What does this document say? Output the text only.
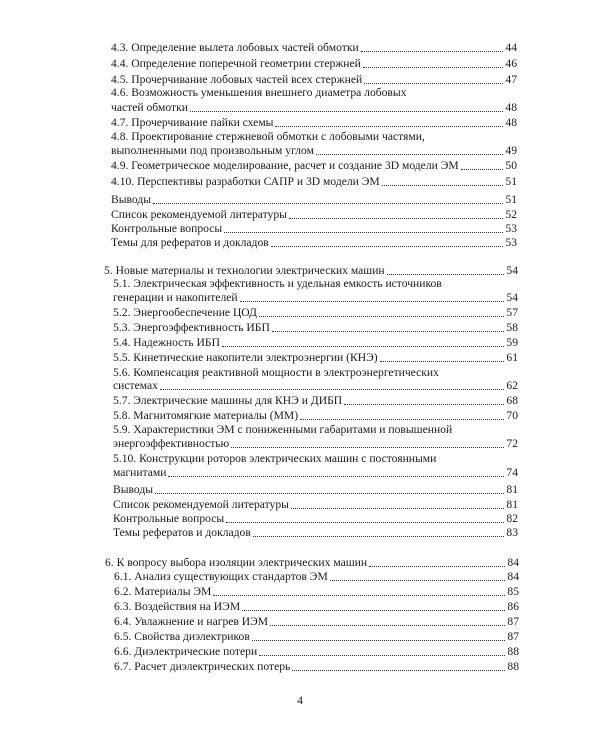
4.3. Определение вылета лобовых частей обмотки	44
4.4. Определение поперечной геометрии стержней	46
4.5. Прочерчивание лобовых частей всех стержней	47
4.6. Возможность уменьшения внешнего диаметра лобовых
частей обмотки	48
4.7. Прочерчивание пайки схемы	48
4.8. Проектирование стержневой обмотки с лобовыми частями,
выполненными под произвольным углом	49
4.9. Геометрическое моделирование, расчет и создание 3D модели ЭМ	50
4.10. Перспективы разработки САПР и 3D модели ЭМ	51
Выводы	51
Список рекомендуемой литературы	52
Контрольные вопросы	53
Темы для рефератов и докладов	53
5. Новые материалы и технологии электрических машин	54
5.1. Электрическая эффективность и удельная емкость источников
генерации и накопителей	54
5.2. Энергообеспечение ЦОД	57
5.3. Энергоэффективность ИБП	58
5.4. Надежность ИБП	59
5.5. Кинетические накопители электроэнергии (КНЭ)	61
5.6. Компенсация реактивной мощности в электроэнергетических
системах	62
5.7. Электрические машины для КНЭ и ДИБП	68
5.8. Магнитомягкие материалы (ММ)	70
5.9. Характеристики ЭМ с пониженными габаритами и повышенной
энергоэффективностью	72
5.10. Конструкции роторов электрических машин с постоянными
магнитами	74
Выводы	81
Список рекомендуемой литературы	81
Контрольные вопросы	82
Темы рефератов и докладов	83
6. К вопросу выбора изоляции электрических машин	84
6.1. Анализ существующих стандартов ЭМ	84
6.2. Материалы ЭМ	85
6.3. Воздействия на ИЭМ	86
6.4. Увлажнение и нагрев ИЭМ	87
6.5. Свойства диэлектриков	87
6.6. Диэлектрические потери	88
6.7. Расчет диэлектрических потерь	88
4
